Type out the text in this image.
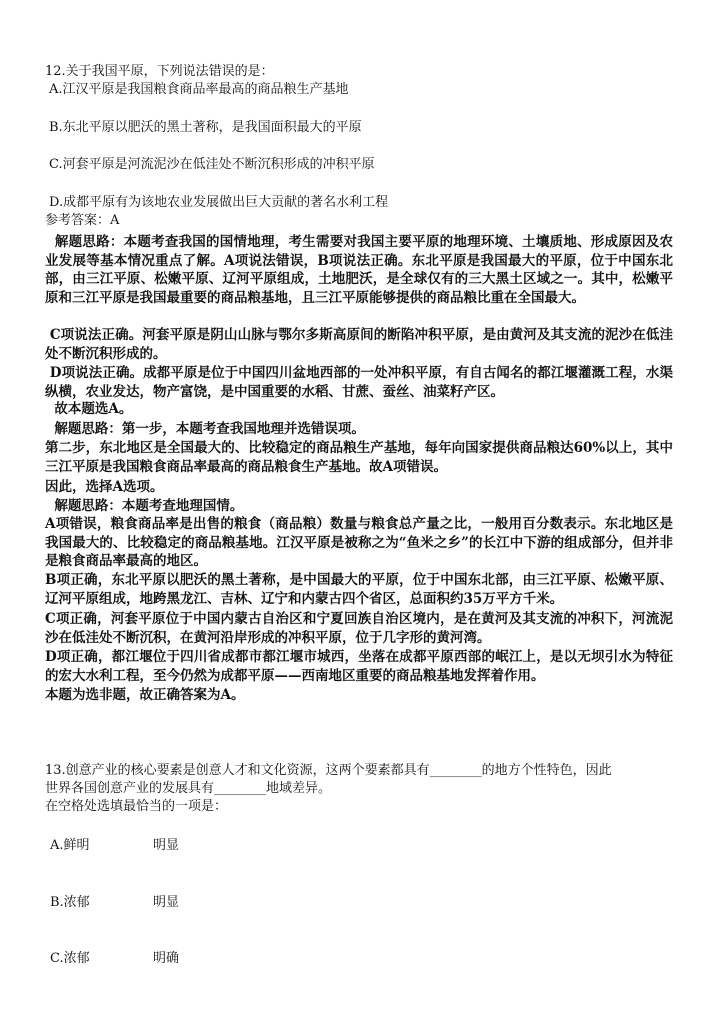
12.关于我国平原，下列说法错误的是：
A.江汉平原是我国粮食商品率最高的商品粮生产基地
B.东北平原以肥沃的黑土著称，是我国面积最大的平原
C.河套平原是河流泥沙在低洼处不断沉积形成的冲积平原
D.成都平原有为该地农业发展做出巨大贡献的著名水利工程
参考答案：A
解题思路：本题考查我国的国情地理，考生需要对我国主要平原的地理环境、土壤质地、形成原因及农业发展等基本情况重点了解。A项说法错误，B项说法正确。东北平原是我国最大的平原，位于中国东北部，由三江平原、松嫩平原、辽河平原组成，土地肥沃，是全球仅有的三大黑土区域之一。其中，松嫩平原和三江平原是我国最重要的商品粮基地，且三江平原能够提供的商品粮比重在全国最大。
C项说法正确。河套平原是阴山山脉与鄂尔多斯高原间的断陷冲积平原，是由黄河及其支流的泥沙在低洼处不断沉积形成的。
D项说法正确。成都平原是位于中国四川盆地西部的一处冲积平原，有自古闻名的都江堰灌溉工程，水渠纵横，农业发达，物产富饶，是中国重要的水稻、甘蔗、蚕丝、油菜籽产区。
故本题选A。
解题思路：第一步，本题考查我国地理并选错误项。
第二步，东北地区是全国最大的、比较稳定的商品粮生产基地，每年向国家提供商品粮达60%以上，其中三江平原是我国粮食商品率最高的商品粮食生产基地。故A项错误。
因此，选择A选项。
解题思路：本题考查地理国情。
A项错误，粮食商品率是出售的粮食（商品粮）数量与粮食总产量之比，一般用百分数表示。东北地区是我国最大的、比较稳定的商品粮基地。江汉平原是被称之为“鱼米之乡”的长江中下游的组成部分，但并非是粮食商品率最高的地区。
B项正确，东北平原以肥沃的黑土著称，是中国最大的平原，位于中国东北部，由三江平原、松嫩平原、辽河平原组成，地跨黑龙江、吉林、辽宁和内蒙古四个省区，总面积约35万平方千米。
C项正确，河套平原位于中国内蒙古自治区和宁夏回族自治区境内，是在黄河及其支流的冲积下，河流泥沙在低洼处不断沉积，在黄河沿岸形成的冲积平原，位于几字形的黄河湾。
D项正确，都江堰位于四川省成都市都江堰市城西，坐落在成都平原西部的岷江上，是以无坝引水为特征的宏大水利工程，至今仍然为成都平原——西南地区重要的商品粮基地发挥着作用。
本题为选非题，故正确答案为A。
13.创意产业的核心要素是创意人才和文化资源，这两个要素都具有________的地方个性特色，因此
世界各国创意产业的发展具有________地域差异。
在空格处选填最恰当的一项是：
A.鲜明	明显
B.浓郁	明显
C.浓郁	明确
